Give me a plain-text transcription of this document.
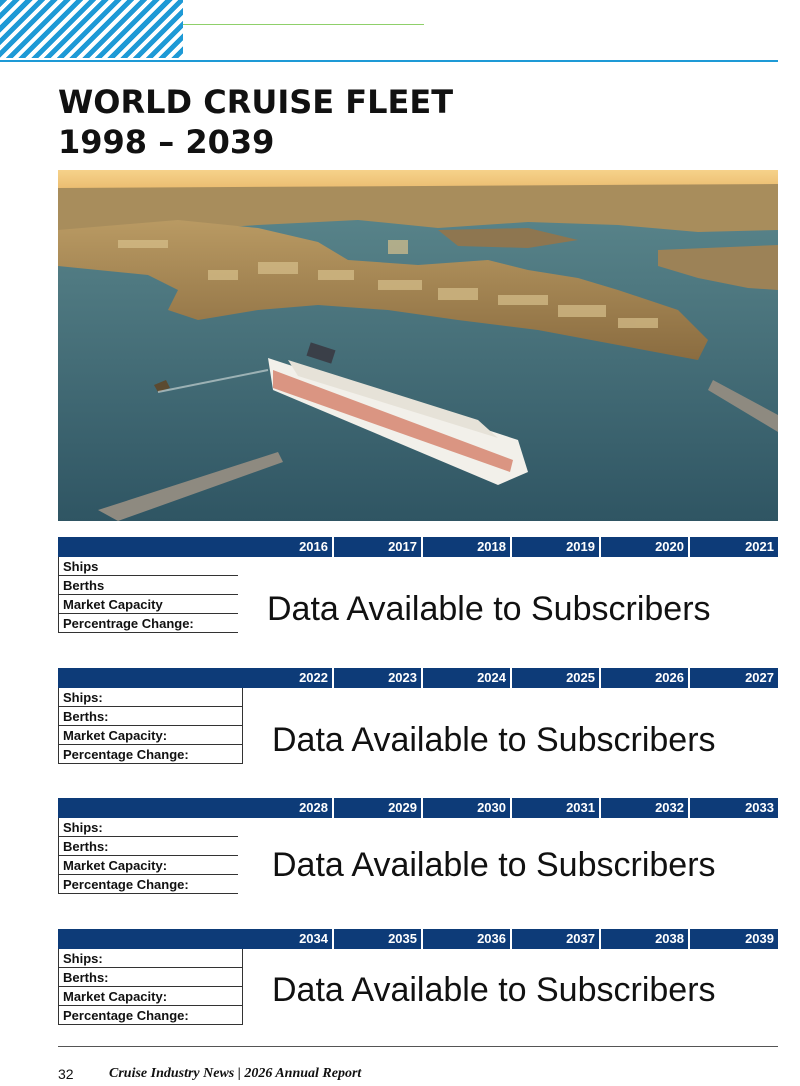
WORLD CRUISE FLEET
1998 – 2039
2016	2017	2018	2019	2020	2021
Ships
Berths
Market Capacity
Percentrage Change:	Data Available to Subscribers
2022	2023	2024	2025	2026	2027
Ships:
Berths:
Market Capacity:
Percentage Change:	Data Available to Subscribers
2028	2029	2030	2031	2032	2033
Ships:
Berths:
Market Capacity:
Percentage Change:
Data Available to Subscribers
2034	2035	2036	2037	2038	2039
Ships:
Berths:
Market Capacity:
Percentage Change:
Data Available to Subscribers
32	Cruise Industry News | 2026 Annual Report
